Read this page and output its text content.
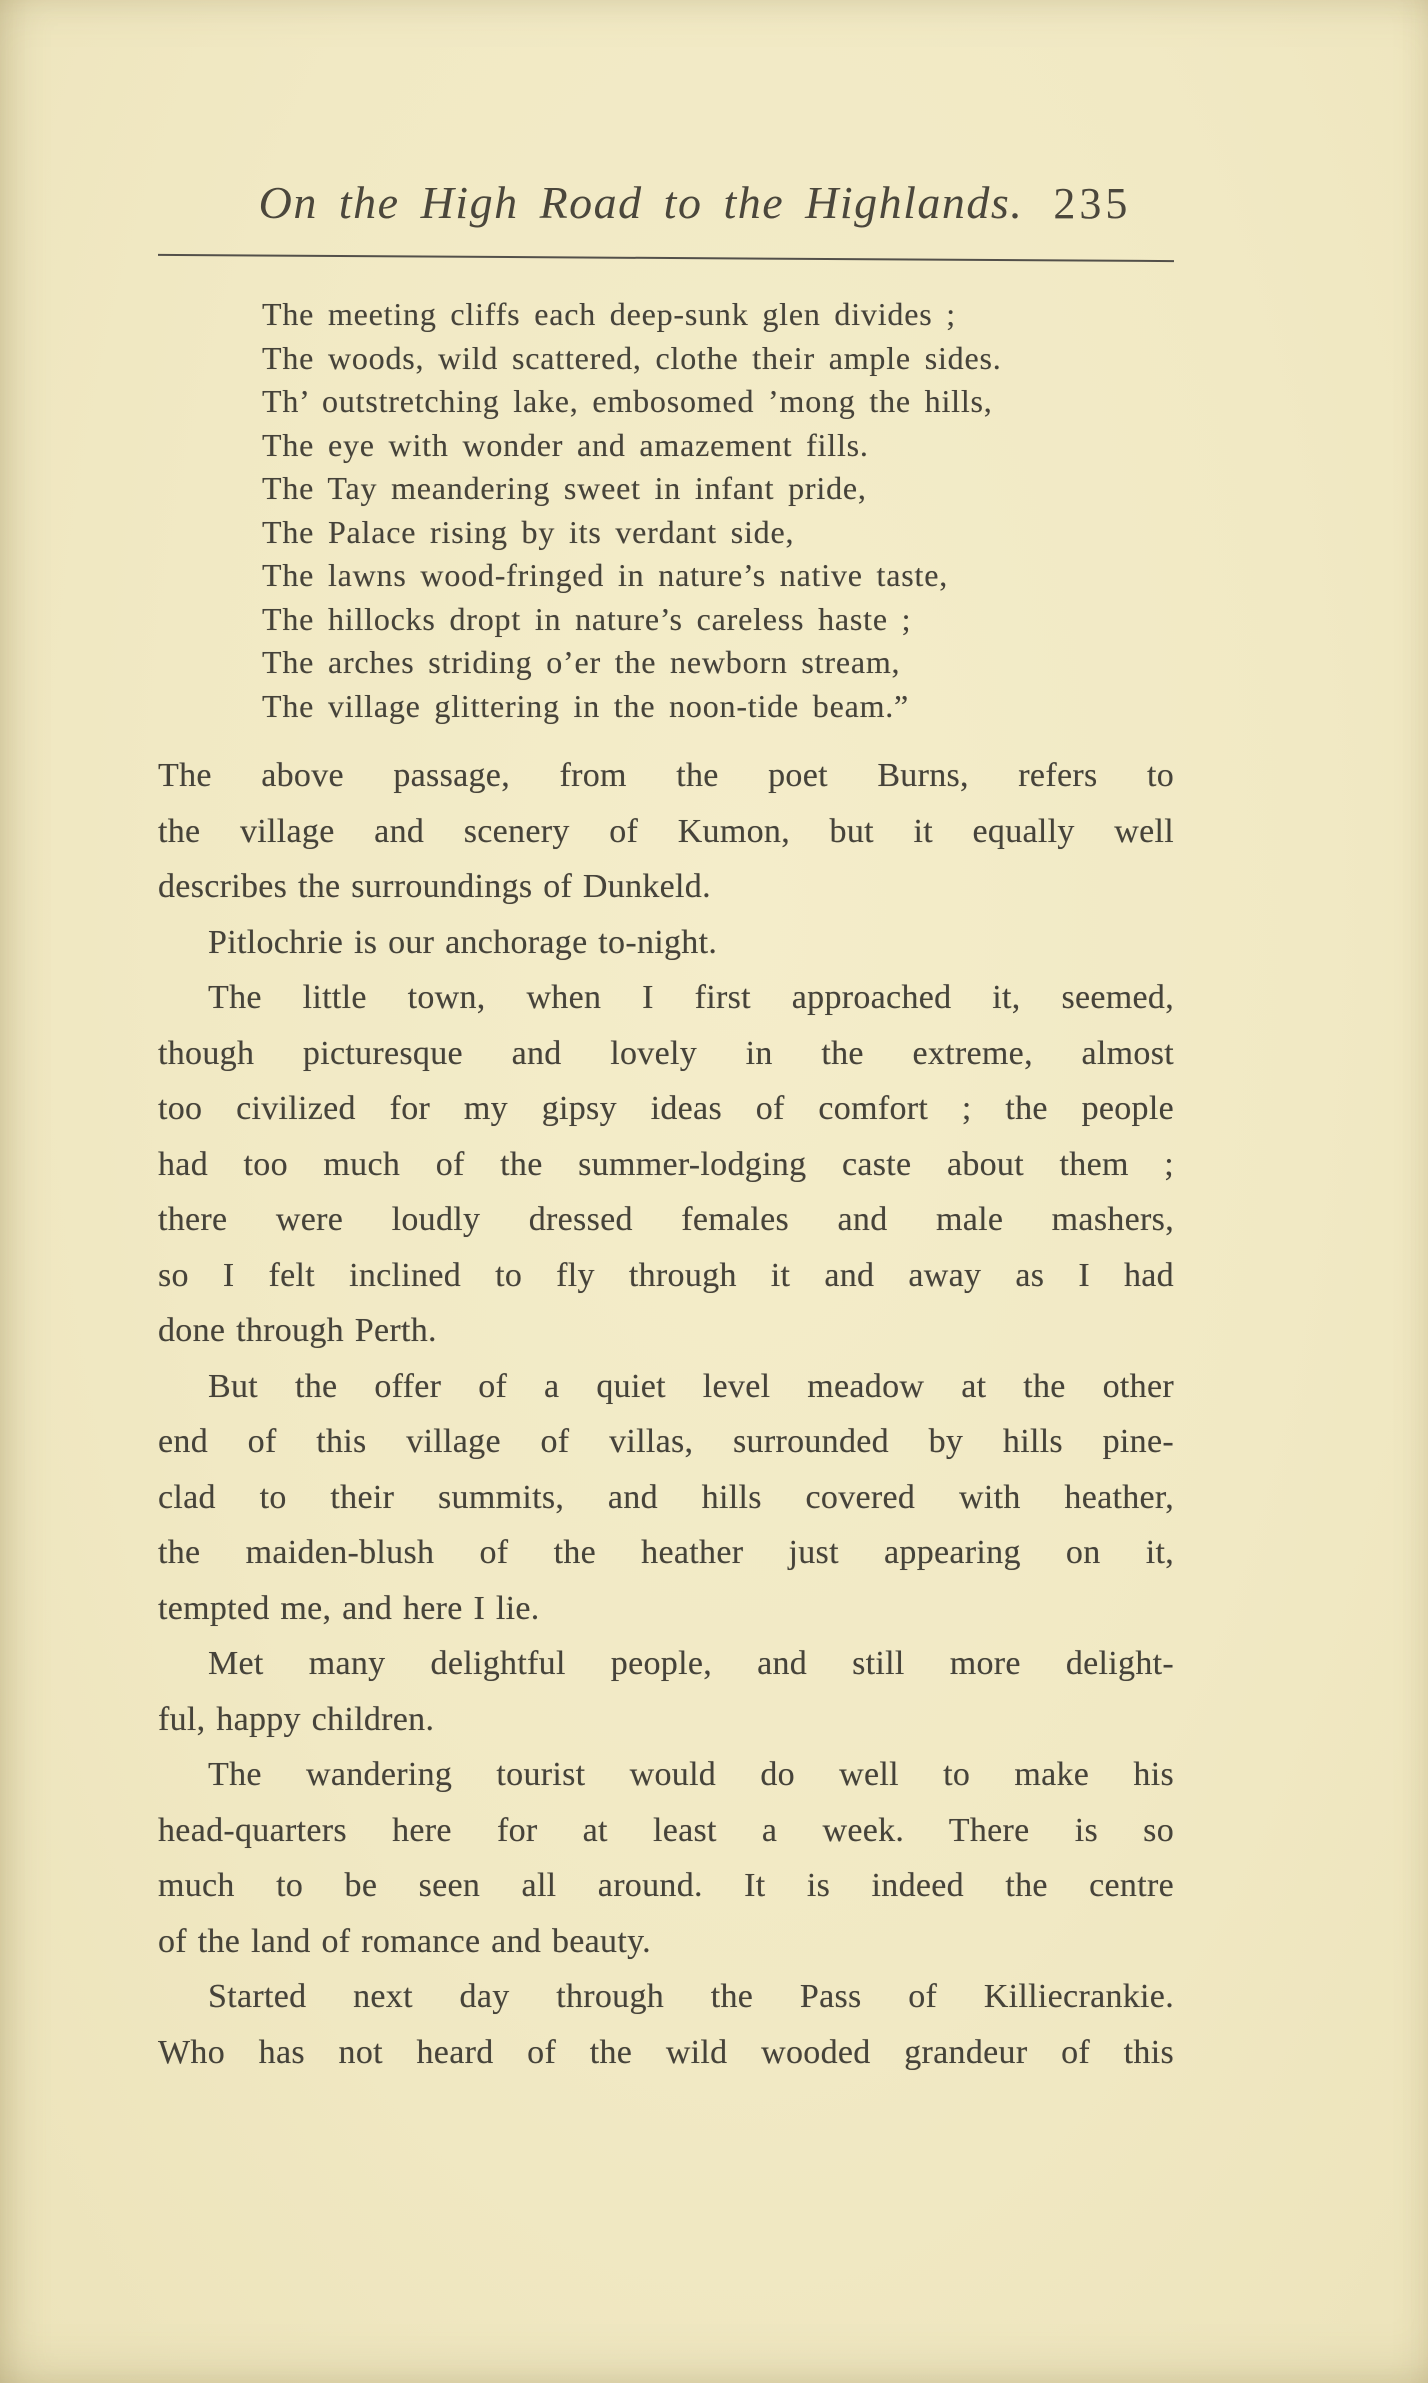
On the High Road to the Highlands. 235
The meeting cliffs each deep-sunk glen divides ;
The woods, wild scattered, clothe their ample sides.
Th’ outstretching lake, embosomed ’mong the hills,
The eye with wonder and amazement fills.
The Tay meandering sweet in infant pride,
The Palace rising by its verdant side,
The lawns wood-fringed in nature’s native taste,
The hillocks dropt in nature’s careless haste ;
The arches striding o’er the newborn stream,
The village glittering in the noon-tide beam.”
The above passage, from the poet Burns, refers to
the village and scenery of Kumon, but it equally well
describes the surroundings of Dunkeld.
Pitlochrie is our anchorage to-night.
The little town, when I first approached it, seemed,
though picturesque and lovely in the extreme, almost
too civilized for my gipsy ideas of comfort ; the people
had too much of the summer-lodging caste about them ;
there were loudly dressed females and male mashers,
so I felt inclined to fly through it and away as I had
done through Perth.
But the offer of a quiet level meadow at the other
end of this village of villas, surrounded by hills pine-
clad to their summits, and hills covered with heather,
the maiden-blush of the heather just appearing on it,
tempted me, and here I lie.
Met many delightful people, and still more delight-
ful, happy children.
The wandering tourist would do well to make his
head-quarters here for at least a week. There is so
much to be seen all around. It is indeed the centre
of the land of romance and beauty.
Started next day through the Pass of Killiecrankie.
Who has not heard of the wild wooded grandeur of this
